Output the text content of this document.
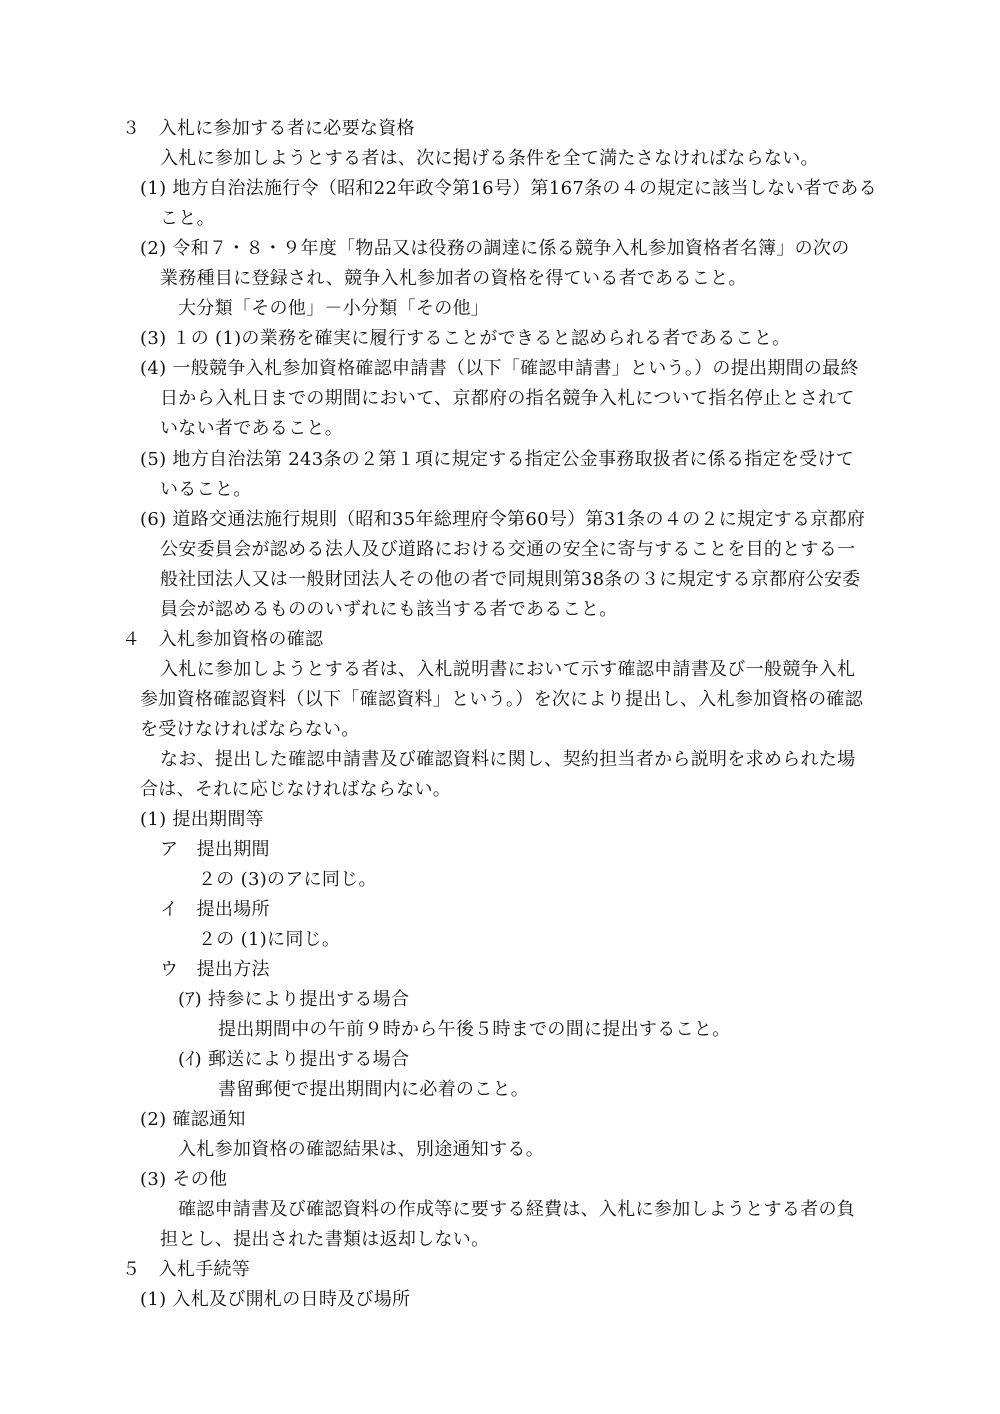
３　入札に参加する者に必要な資格
入札に参加しようとする者は、次に掲げる条件を全て満たさなければならない。
(1) 地方自治法施行令（昭和22年政令第16号）第167条の４の規定に該当しない者である
こと。
(2) 令和７・８・９年度「物品又は役務の調達に係る競争入札参加資格者名簿」の次の
業務種目に登録され、競争入札参加者の資格を得ている者であること。
大分類「その他」－小分類「その他」
(3) １の (1)の業務を確実に履行することができると認められる者であること。
(4) 一般競争入札参加資格確認申請書（以下「確認申請書」という。）の提出期間の最終
日から入札日までの期間において、京都府の指名競争入札について指名停止とされて
いない者であること。
(5) 地方自治法第 243条の２第１項に規定する指定公金事務取扱者に係る指定を受けて
いること。
(6) 道路交通法施行規則（昭和35年総理府令第60号）第31条の４の２に規定する京都府
公安委員会が認める法人及び道路における交通の安全に寄与することを目的とする一
般社団法人又は一般財団法人その他の者で同規則第38条の３に規定する京都府公安委
員会が認めるもののいずれにも該当する者であること。
４　入札参加資格の確認
入札に参加しようとする者は、入札説明書において示す確認申請書及び一般競争入札
参加資格確認資料（以下「確認資料」という。）を次により提出し、入札参加資格の確認
を受けなければならない。
なお、提出した確認申請書及び確認資料に関し、契約担当者から説明を求められた場
合は、それに応じなければならない。
(1) 提出期間等
ア　提出期間
２の (3)のアに同じ。
イ　提出場所
２の (1)に同じ。
ウ　提出方法
(ｱ) 持参により提出する場合
提出期間中の午前９時から午後５時までの間に提出すること。
(ｲ) 郵送により提出する場合
書留郵便で提出期間内に必着のこと。
(2) 確認通知
入札参加資格の確認結果は、別途通知する。
(3) その他
確認申請書及び確認資料の作成等に要する経費は、入札に参加しようとする者の負
担とし、提出された書類は返却しない。
５　入札手続等
(1) 入札及び開札の日時及び場所
